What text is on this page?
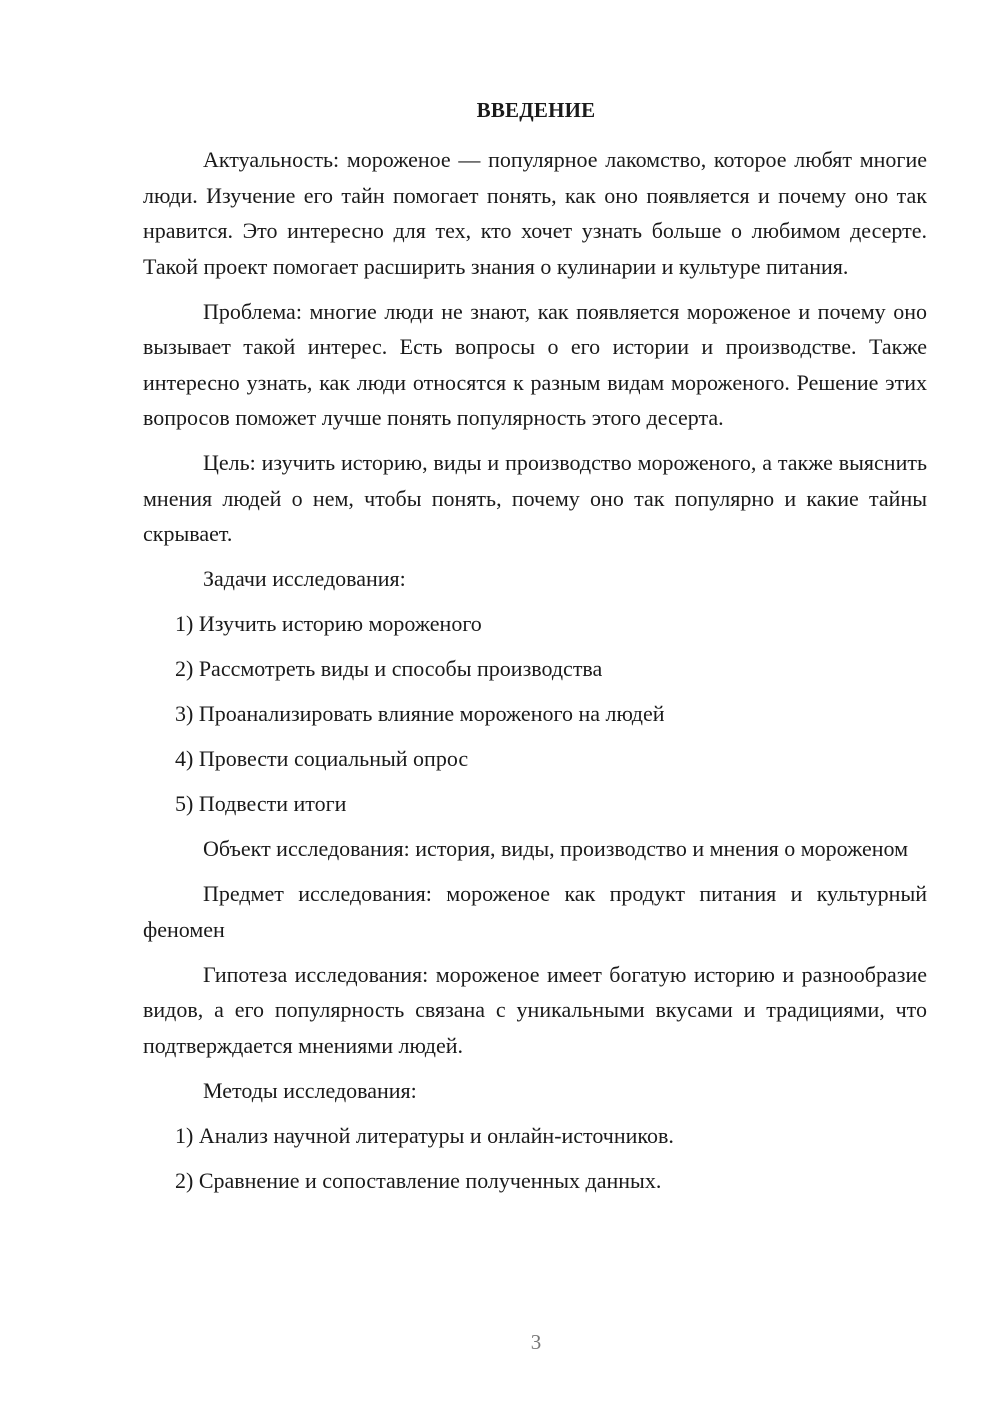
ВВЕДЕНИЕ

Актуальность: мороженое — популярное лакомство, которое любят многие люди. Изучение его тайн помогает понять, как оно появляется и почему оно так нравится. Это интересно для тех, кто хочет узнать больше о любимом десерте. Такой проект помогает расширить знания о кулинарии и культуре питания.

Проблема: многие люди не знают, как появляется мороженое и почему оно вызывает такой интерес. Есть вопросы о его истории и производстве. Также интересно узнать, как люди относятся к разным видам мороженого. Решение этих вопросов поможет лучше понять популярность этого десерта.

Цель: изучить историю, виды и производство мороженого, а также выяснить мнения людей о нем, чтобы понять, почему оно так популярно и какие тайны скрывает.

Задачи исследования:

1) Изучить историю мороженого
2) Рассмотреть виды и способы производства
3) Проанализировать влияние мороженого на людей
4) Провести социальный опрос
5) Подвести итоги

Объект исследования: история, виды, производство и мнения о мороженом

Предмет исследования: мороженое как продукт питания и культурный феномен

Гипотеза исследования: мороженое имеет богатую историю и разнообразие видов, а его популярность связана с уникальными вкусами и традициями, что подтверждается мнениями людей.

Методы исследования:

1) Анализ научной литературы и онлайн-источников.
2) Сравнение и сопоставление полученных данных.
3
